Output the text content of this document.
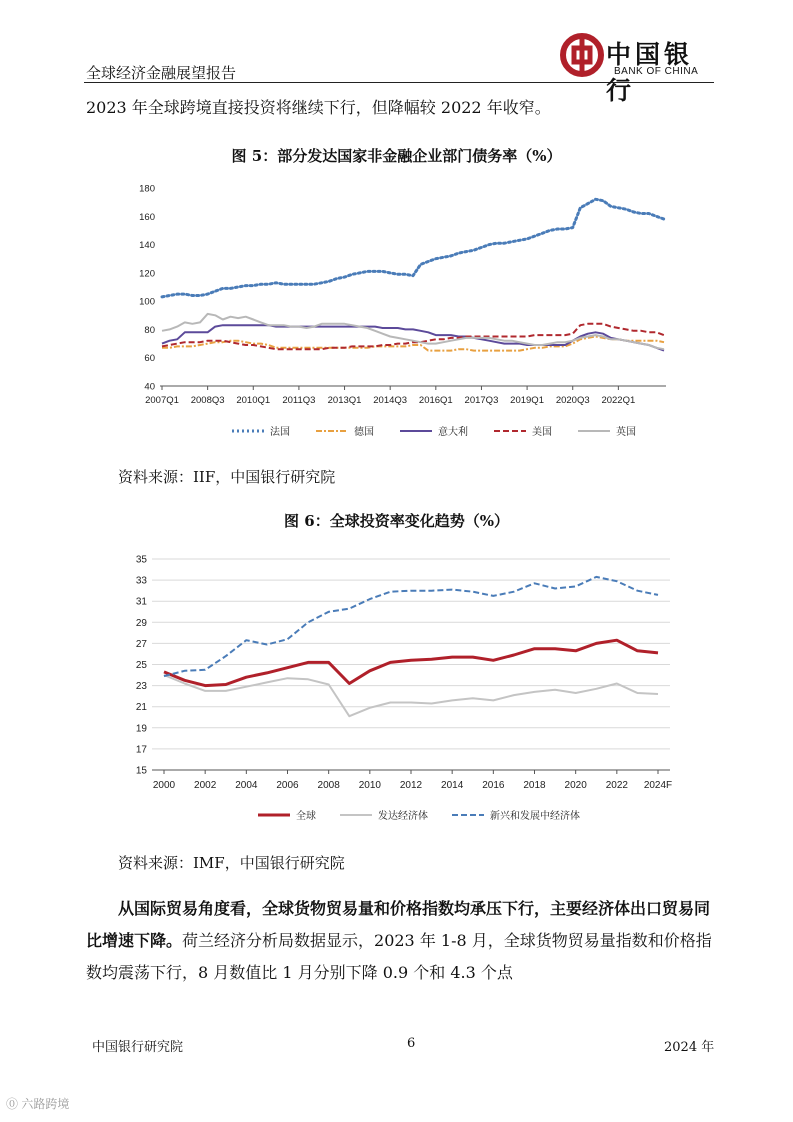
全球经济金融展望报告
中国银行
BANK OF CHINA

2023 年全球跨境直接投资将继续下行，但降幅较 2022 年收窄。

图 5：部分发达国家非金融企业部门债务率（%）
40
60
80
100
120
140
160
180
2007Q1 2008Q3 2010Q1 2011Q3 2013Q1 2014Q3 2016Q1 2017Q3 2019Q1 2020Q3 2022Q1
法国	德国	意大利	美国	英国
资料来源：IIF，中国银行研究院
图 6：全球投资率变化趋势（%）
15
17
19
21
23
25
27
29
31
33
35
2000 2002 2004 2006 2008 2010 2012 2014 2016 2018 2020 2022 2024F
全球	发达经济体	新兴和发展中经济体
资料来源：IMF，中国银行研究院

从国际贸易角度看，全球货物贸易量和价格指数均承压下行，主要经济体出口贸易同比增速下降。荷兰经济分析局数据显示，2023 年 1-8 月，全球货物贸易量指数和价格指数均震荡下行，8 月数值比 1 月分别下降 0.9 个和 4.3 个点

中国银行研究院	6	2024 年
⓪ 六路跨境
